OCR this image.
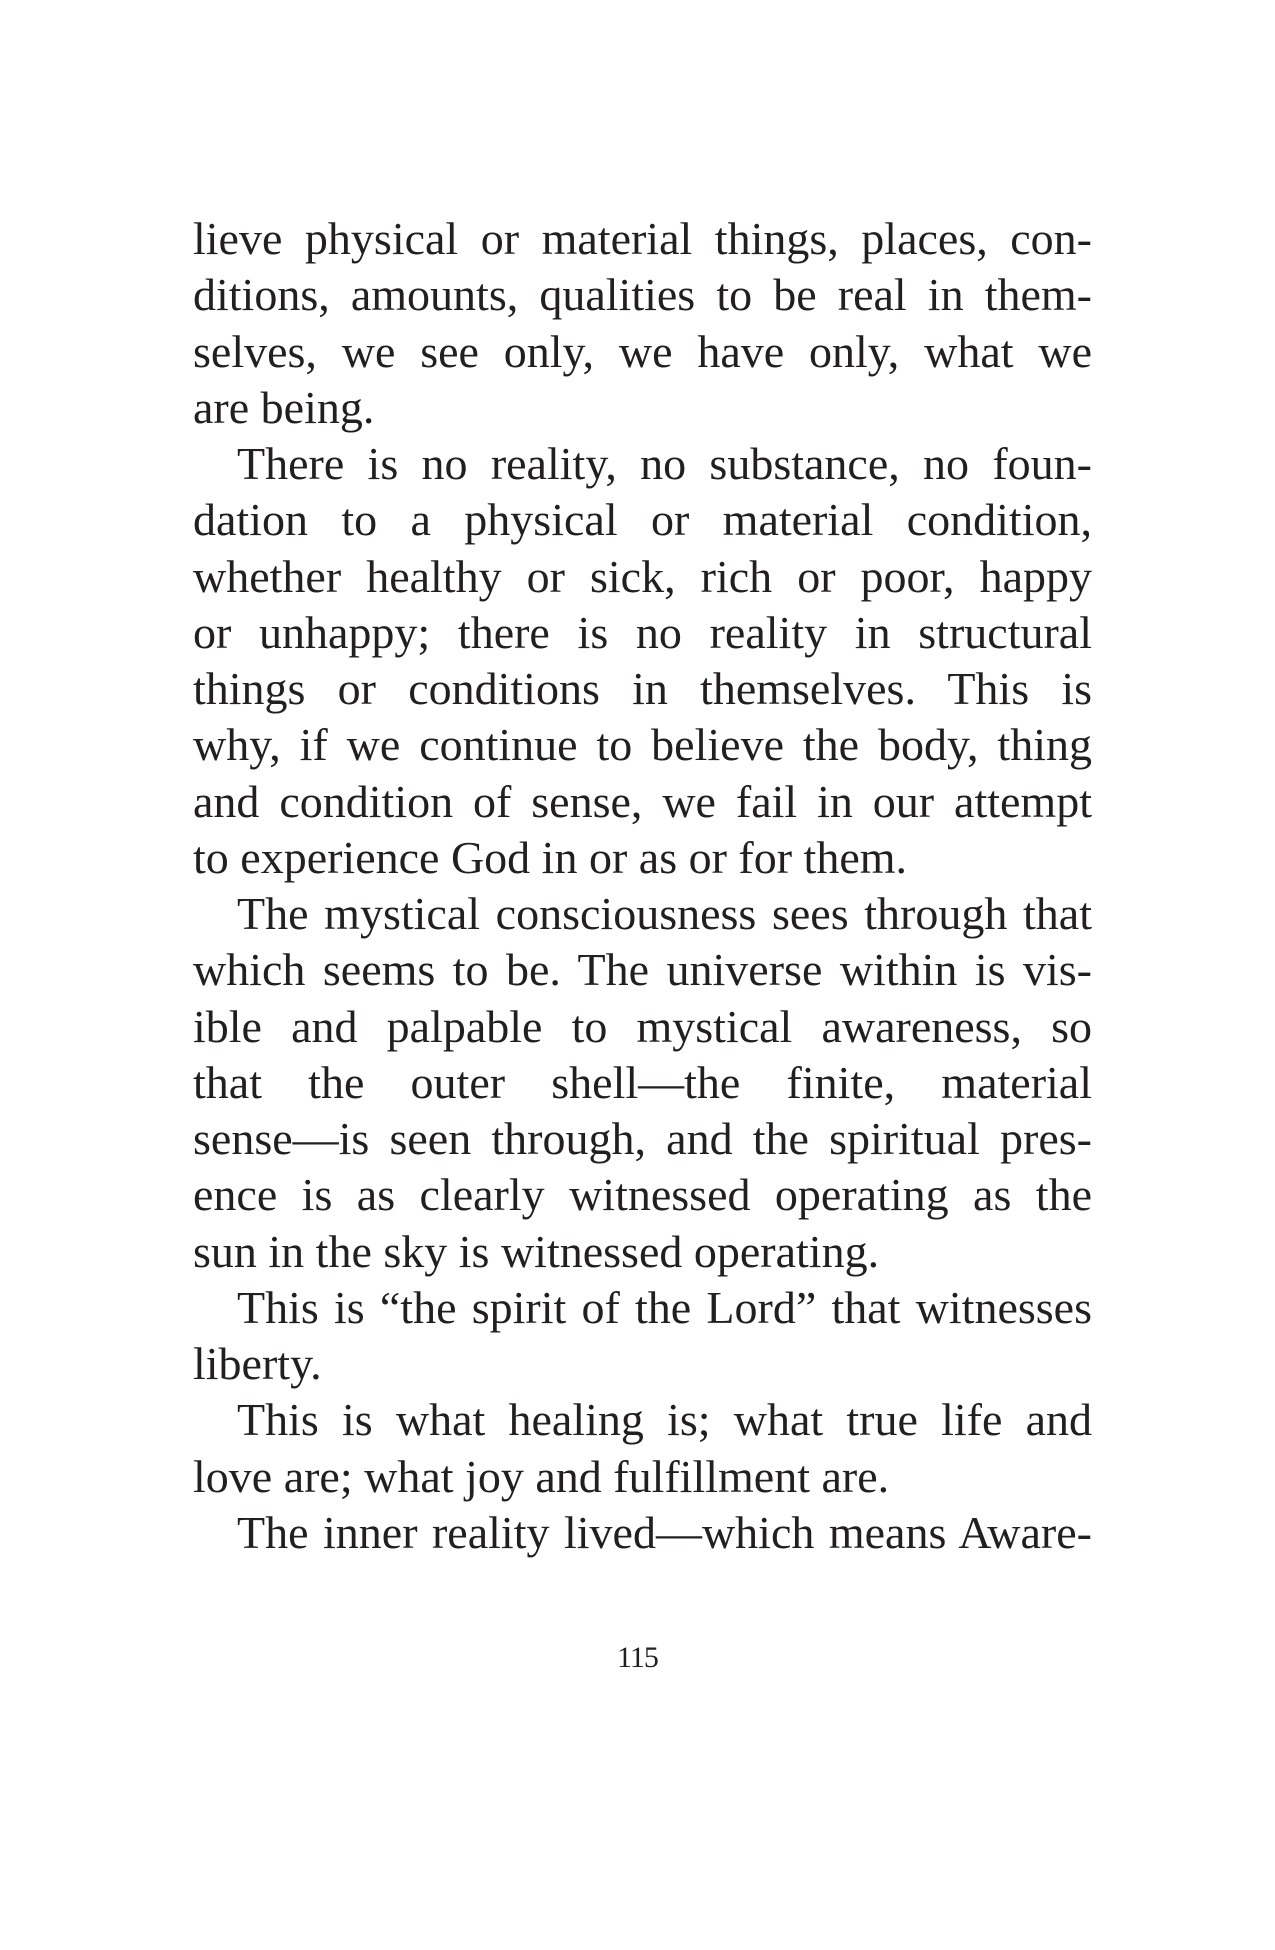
lieve physical or material things, places, con-
ditions, amounts, qualities to be real in them-
selves, we see only, we have only, what we
are being.
There is no reality, no substance, no foun-
dation to a physical or material condition,
whether healthy or sick, rich or poor, happy
or unhappy; there is no reality in structural
things or conditions in themselves. This is
why, if we continue to believe the body, thing
and condition of sense, we fail in our attempt
to experience God in or as or for them.
The mystical consciousness sees through that
which seems to be. The universe within is vis-
ible and palpable to mystical awareness, so
that the outer shell—the finite, material
sense—is seen through, and the spiritual pres-
ence is as clearly witnessed operating as the
sun in the sky is witnessed operating.
This is “the spirit of the Lord” that witnesses
liberty.
This is what healing is; what true life and
love are; what joy and fulfillment are.
The inner reality lived—which means Aware-
115
